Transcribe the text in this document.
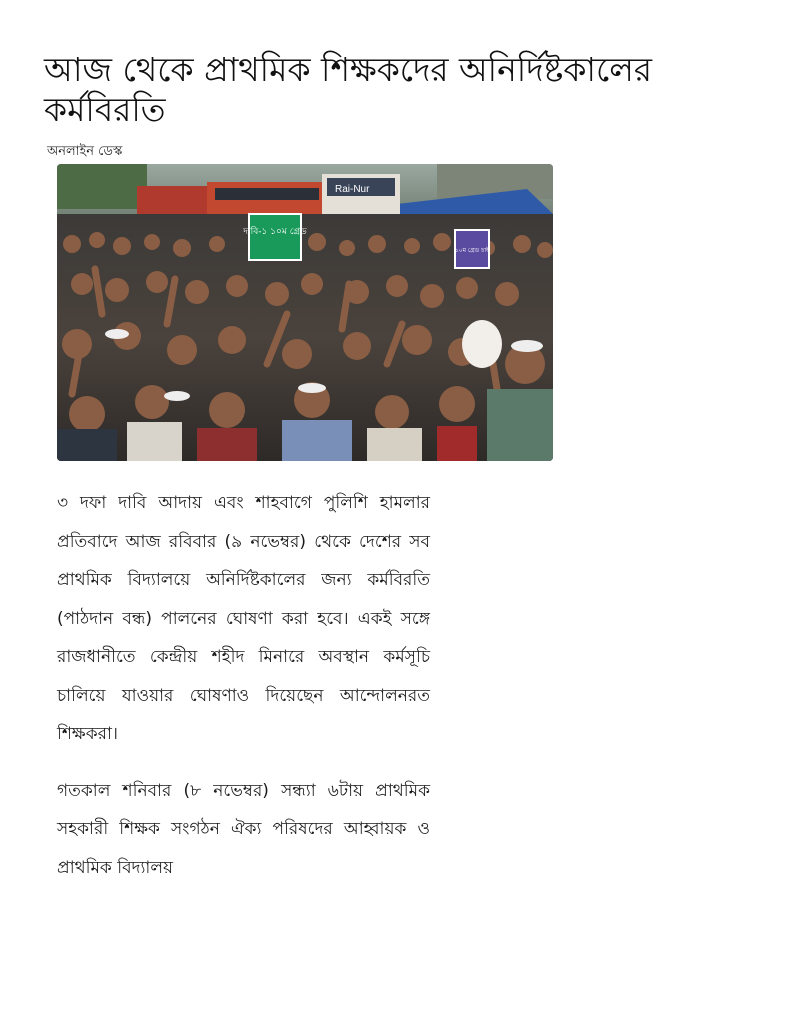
আজ থেকে প্রাথমিক শিক্ষকদের অনির্দিষ্টকালের কর্মবিরতি
অনলাইন ডেস্ক
Rai-Nur
দাবি-১ ১০ম গ্রেড
১০ম গ্রেড চাই

৩ দফা দাবি আদায় এবং শাহবাগে পুলিশি হামলার প্রতিবাদে আজ রবিবার (৯ নভেম্বর) থেকে দেশের সব প্রাথমিক বিদ্যালয়ে অনির্দিষ্টকালের জন্য কর্মবিরতি (পাঠদান বন্ধ) পালনের ঘোষণা করা হবে। একই সঙ্গে রাজধানীতে কেন্দ্রীয় শহীদ মিনারে অবস্থান কর্মসূচি চালিয়ে যাওয়ার ঘোষণাও দিয়েছেন আন্দোলনরত শিক্ষকরা।

গতকাল শনিবার (৮ নভেম্বর) সন্ধ্যা ৬টায় প্রাথমিক সহকারী শিক্ষক সংগঠন ঐক্য পরিষদের আহ্বায়ক ও প্রাথমিক বিদ্যালয়
